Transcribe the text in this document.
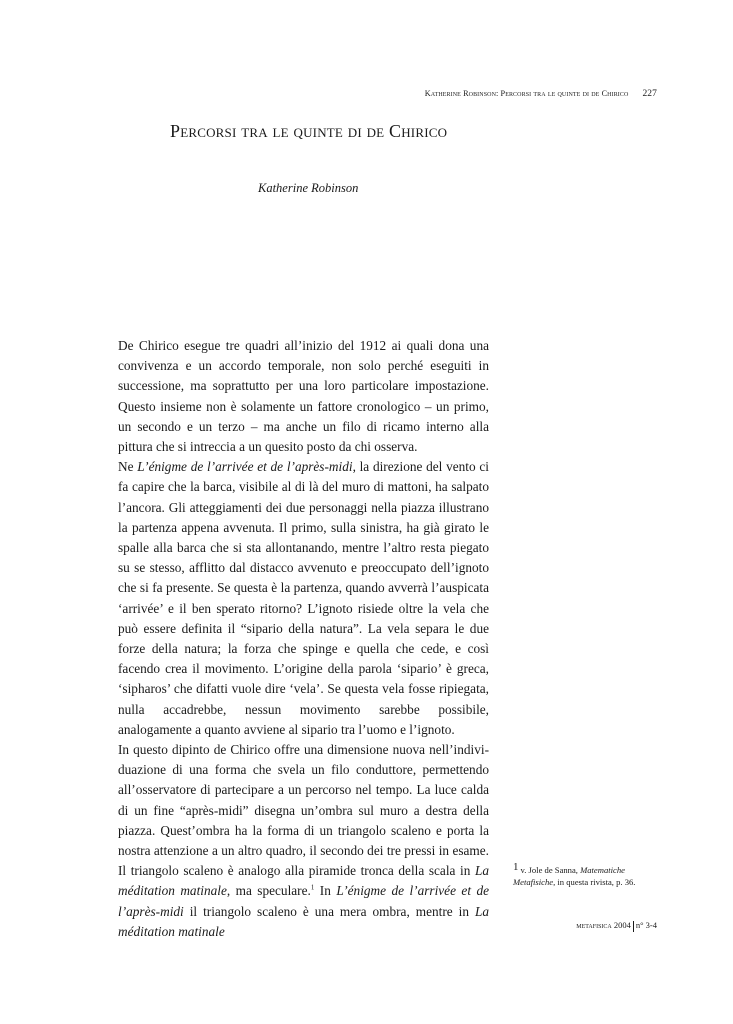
Katherine Robinson: Percorsi tra le quinte di de Chirico 227
Percorsi tra le quinte di de Chirico
Katherine Robinson

De Chirico esegue tre quadri all’inizio del 1912 ai quali dona una convivenza e un accordo temporale, non solo perché eseguiti in successione, ma soprattutto per una loro particolare impostazione. Questo insieme non è solamente un fattore cronologico – un primo, un secondo e un terzo – ma anche un filo di ricamo interno alla pittura che si intreccia a un quesito posto da chi osserva.

Ne L’énigme de l’arrivée et de l’après-midi, la direzione del vento ci fa capire che la barca, visibile al di là del muro di mattoni, ha salpato l’ancora. Gli atteggiamenti dei due personaggi nella piazza illustrano la partenza appena avvenuta. Il primo, sulla sinistra, ha già girato le spalle alla barca che si sta allontanando, mentre l’altro resta piegato su se stesso, afflitto dal distacco avvenuto e preoccupato dell’ignoto che si fa presente. Se questa è la partenza, quando avverrà l’auspicata ‘arrivée’ e il ben sperato ritorno? L’ignoto risiede oltre la vela che può essere definita il “sipario della natura”. La vela separa le due forze della natura; la forza che spinge e quella che cede, e così facendo crea il movimento. L’origine della parola ‘sipario’ è greca, ‘sipharos’ che difatti vuole dire ‘vela’. Se questa vela fosse ripiegata, nulla accadrebbe, nessun movimento sarebbe possibile, analogamente a quanto avviene al sipario tra l’uomo e l’ignoto.

In questo dipinto de Chirico offre una dimensione nuova nell’individuazione di una forma che svela un filo conduttore, permettendo all’osservatore di partecipare a un percorso nel tempo. La luce calda di un fine “après-midi” disegna un’ombra sul muro a destra della piazza. Quest’ombra ha la forma di un triangolo scaleno e porta la nostra attenzione a un altro quadro, il secondo dei tre pressi in esame. Il triangolo scaleno è analogo alla piramide tronca della scala in La méditation matinale, ma speculare.$^1$ In L’énigme de l’arrivée et de l’après-midi il triangolo scaleno è una mera ombra, mentre in La méditation matinale

1 v. Jole de Sanna, Matematiche Metafisiche, in questa rivista, p. 36.
metafisica 2004 n° 3-4
